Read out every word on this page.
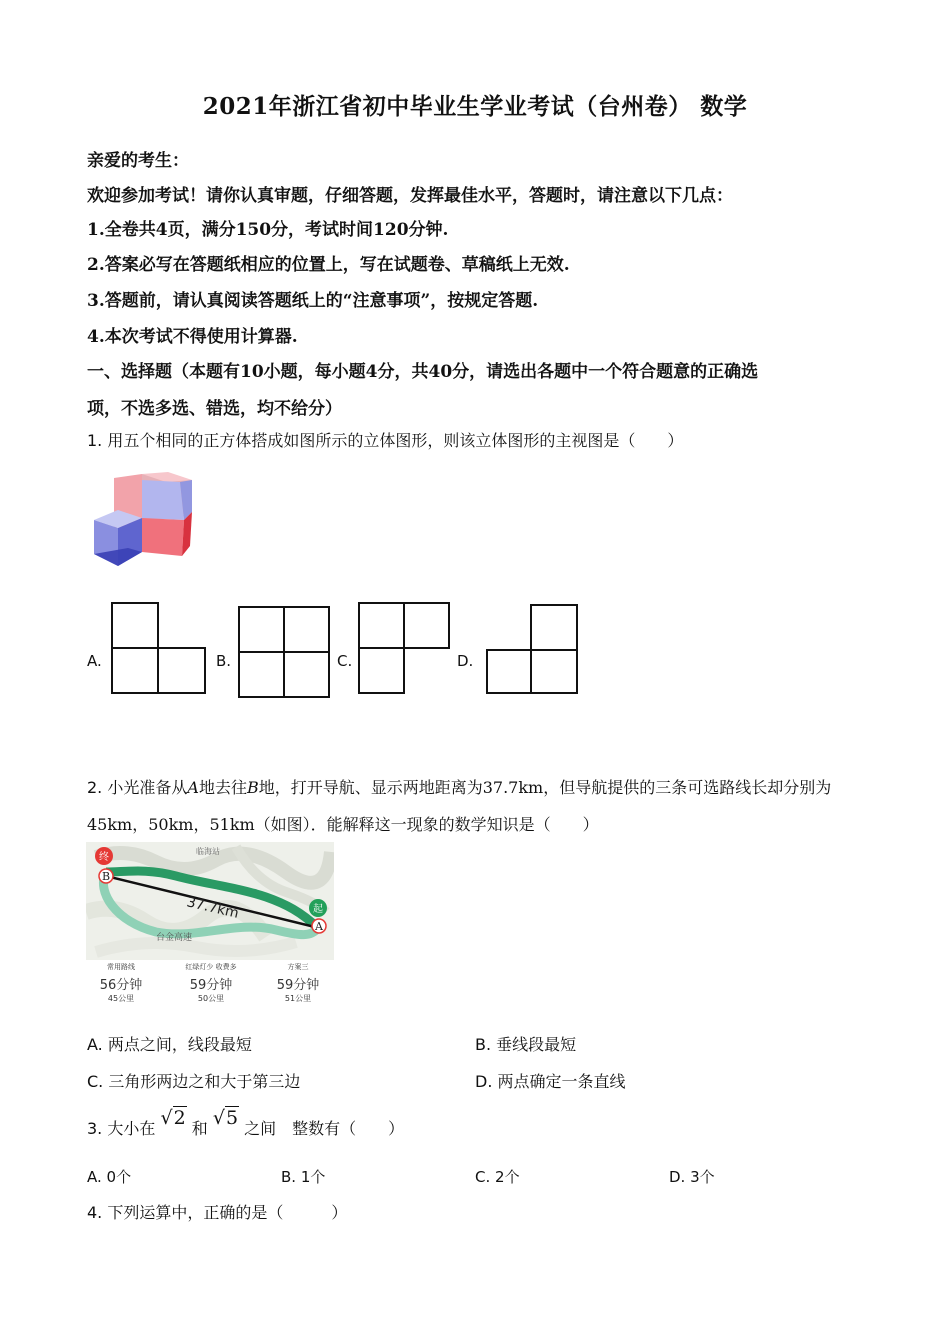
2021年浙江省初中毕业生学业考试（台州卷） 数学
亲爱的考生：
欢迎参加考试！请你认真审题，仔细答题，发挥最佳水平，答题时，请注意以下几点：
1.全卷共4页，满分150分，考试时间120分钟.
2.答案必写在答题纸相应的位置上，写在试题卷、草稿纸上无效.
3.答题前，请认真阅读答题纸上的“注意事项”，按规定答题.
4.本次考试不得使用计算器.
一、选择题（本题有10小题，每小题4分，共40分，请选出各题中一个符合题意的正确选
项，不选多选、错选，均不给分）
1. 用五个相同的正方体搭成如图所示的立体图形，则该立体图形的主视图是（　　）
A.	B.	C.	D.
2. 小光准备从A地去往B地，打开导航、显示两地距离为37.7km，但导航提供的三条可选路线长却分别为
45km，50km，51km（如图）．能解释这一现象的数学知识是（　　）
终
B
起
A
37.7km
临海站
台金高速
常用路线
56分钟
45公里
红绿灯少 收费多
59分钟
50公里
方案三
59分钟
51公里
A. 两点之间，线段最短	B. 垂线段最短
C. 三角形两边之和大于第三边	D. 两点确定一条直线
3. 大小在 √2 和 √5 之间　整数有（　　）
A. 0个	B. 1个	C. 2个	D. 3个
4. 下列运算中，正确的是（　　　）
